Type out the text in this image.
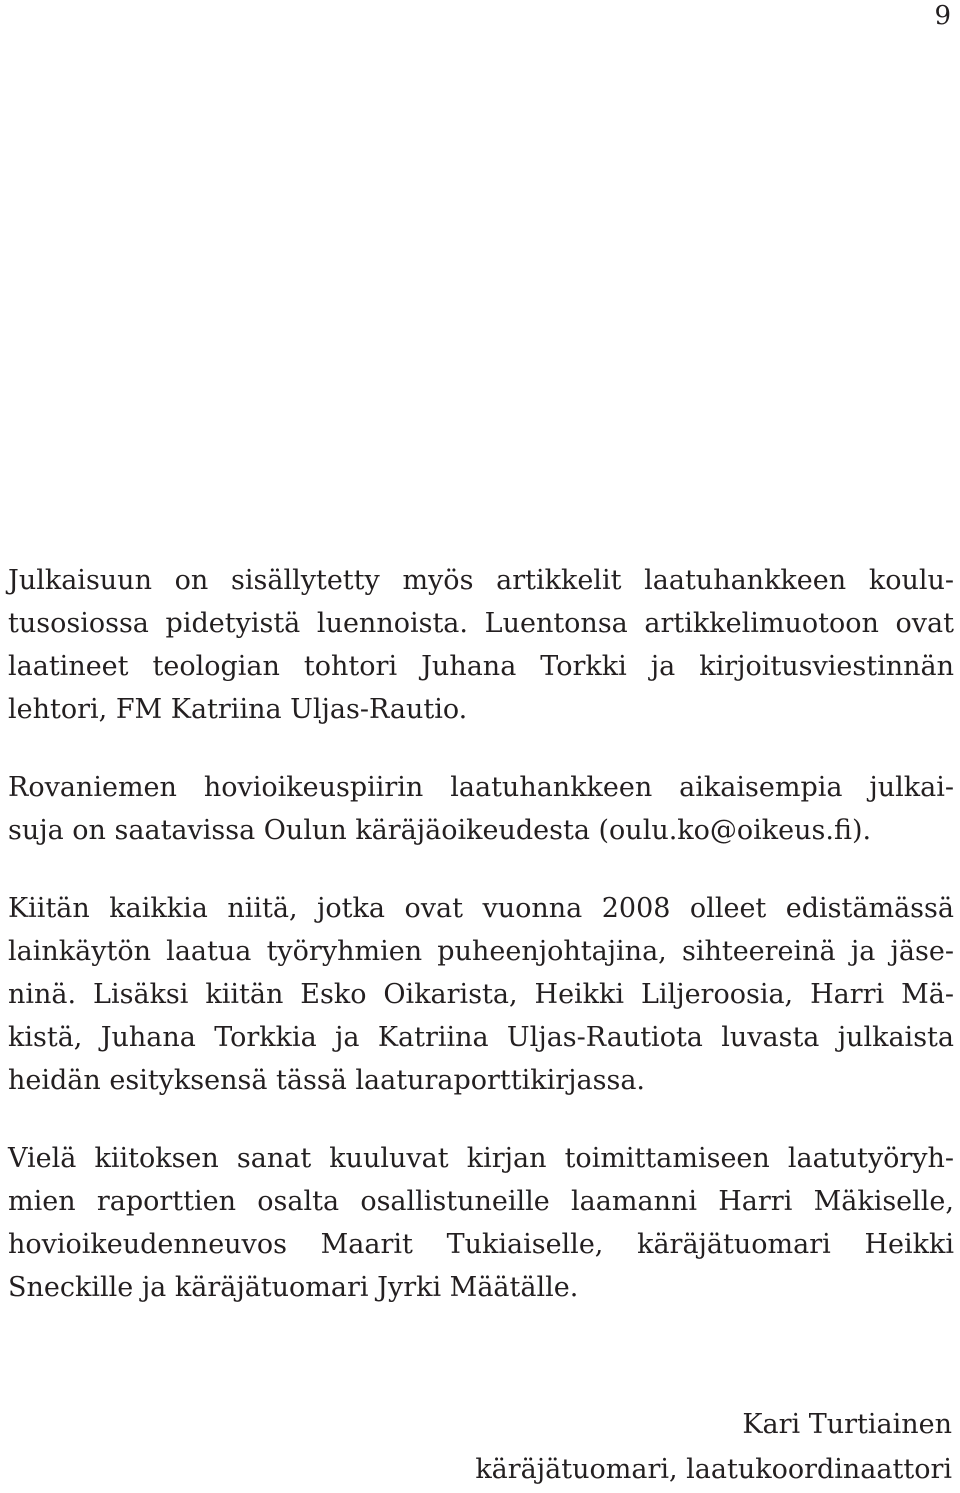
9

Julkaisuun on sisällytetty myös artikkelit laatuhankkeen koulu-
tusosiossa pidetyistä luennoista. Luentonsa artikkelimuotoon ovat
laatineet teologian tohtori Juhana Torkki ja kirjoitusviestinnän
lehtori, FM Katriina Uljas-Rautio.

Rovaniemen hovioikeuspiirin laatuhankkeen aikaisempia julkai-
suja on saatavissa Oulun käräjäoikeudesta (oulu.ko@oikeus.fi).

Kiitän kaikkia niitä, jotka ovat vuonna 2008 olleet edistämässä
lainkäytön laatua työryhmien puheenjohtajina, sihteereinä ja jäse-
ninä. Lisäksi kiitän Esko Oikarista, Heikki Liljeroosia, Harri Mä-
kistä, Juhana Torkkia ja Katriina Uljas-Rautiota luvasta julkaista
heidän esityksensä tässä laaturaporttikirjassa.

Vielä kiitoksen sanat kuuluvat kirjan toimittamiseen laatutyöryh-
mien raporttien osalta osallistuneille laamanni Harri Mäkiselle,
hovioikeudenneuvos Maarit Tukiaiselle, käräjätuomari Heikki
Sneckille ja käräjätuomari Jyrki Määtälle.

Kari Turtiainen
käräjätuomari, laatukoordinaattori
